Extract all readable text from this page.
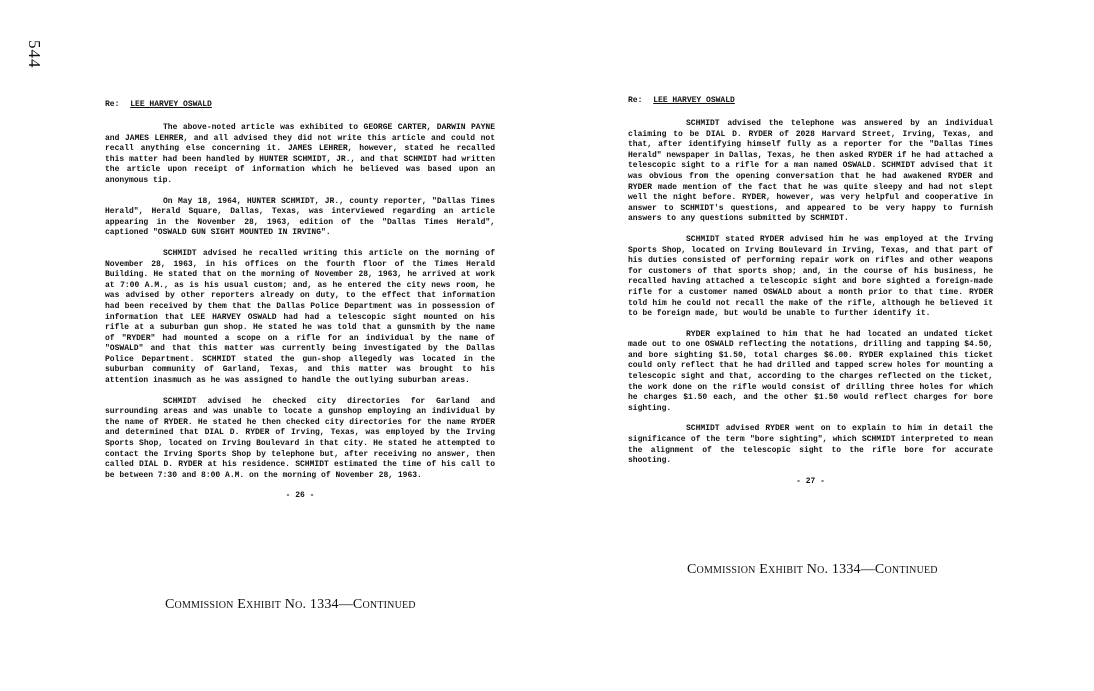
544
Re: LEE HARVEY OSWALD

The above-noted article was exhibited to GEORGE CARTER, DARWIN PAYNE and JAMES LEHRER, and all advised they did not write this article and could not recall anything else concerning it. JAMES LEHRER, however, stated he recalled this matter had been handled by HUNTER SCHMIDT, JR., and that SCHMIDT had written the article upon receipt of information which he believed was based upon an anonymous tip.

On May 18, 1964, HUNTER SCHMIDT, JR., county reporter, "Dallas Times Herald", Herald Square, Dallas, Texas, was interviewed regarding an article appearing in the November 28, 1963, edition of the "Dallas Times Herald", captioned "OSWALD GUN SIGHT MOUNTED IN IRVING".

SCHMIDT advised he recalled writing this article on the morning of November 28, 1963, in his offices on the fourth floor of the Times Herald Building. He stated that on the morning of November 28, 1963, he arrived at work at 7:00 A.M., as is his usual custom; and, as he entered the city news room, he was advised by other reporters already on duty, to the effect that information had been received by them that the Dallas Police Department was in possession of information that LEE HARVEY OSWALD had had a telescopic sight mounted on his rifle at a suburban gun shop. He stated he was told that a gunsmith by the name of "RYDER" had mounted a scope on a rifle for an individual by the name of "OSWALD" and that this matter was currently being investigated by the Dallas Police Department. SCHMIDT stated the gun-shop allegedly was located in the suburban community of Garland, Texas, and this matter was brought to his attention inasmuch as he was assigned to handle the outlying suburban areas.

SCHMIDT advised he checked city directories for Garland and surrounding areas and was unable to locate a gunshop employing an individual by the name of RYDER. He stated he then checked city directories for the name RYDER and determined that DIAL D. RYDER of Irving, Texas, was employed by the Irving Sports Shop, located on Irving Boulevard in that city. He stated he attempted to contact the Irving Sports Shop by telephone but, after receiving no answer, then called DIAL D. RYDER at his residence. SCHMIDT estimated the time of his call to be between 7:30 and 8:00 A.M. on the morning of November 28, 1963.

- 26 -
Re: LEE HARVEY OSWALD

SCHMIDT advised the telephone was answered by an individual claiming to be DIAL D. RYDER of 2028 Harvard Street, Irving, Texas, and that, after identifying himself fully as a reporter for the "Dallas Times Herald" newspaper in Dallas, Texas, he then asked RYDER if he had attached a telescopic sight to a rifle for a man named OSWALD. SCHMIDT advised that it was obvious from the opening conversation that he had awakened RYDER and RYDER made mention of the fact that he was quite sleepy and had not slept well the night before. RYDER, however, was very helpful and cooperative in answer to SCHMIDT's questions, and appeared to be very happy to furnish answers to any questions submitted by SCHMIDT.

SCHMIDT stated RYDER advised him he was employed at the Irving Sports Shop, located on Irving Boulevard in Irving, Texas, and that part of his duties consisted of performing repair work on rifles and other weapons for customers of that sports shop; and, in the course of his business, he recalled having attached a telescopic sight and bore sighted a foreign-made rifle for a customer named OSWALD about a month prior to that time. RYDER told him he could not recall the make of the rifle, although he believed it to be foreign made, but would be unable to further identify it.

RYDER explained to him that he had located an undated ticket made out to one OSWALD reflecting the notations, drilling and tapping $4.50, and bore sighting $1.50, total charges $6.00. RYDER explained this ticket could only reflect that he had drilled and tapped screw holes for mounting a telescopic sight and that, according to the charges reflected on the ticket, the work done on the rifle would consist of drilling three holes for which he charges $1.50 each, and the other $1.50 would reflect charges for bore sighting.

SCHMIDT advised RYDER went on to explain to him in detail the significance of the term "bore sighting", which SCHMIDT interpreted to mean the alignment of the telescopic sight to the rifle bore for accurate shooting.

- 27 -
Commission Exhibit No. 1334—Continued
Commission Exhibit No. 1334—Continued
